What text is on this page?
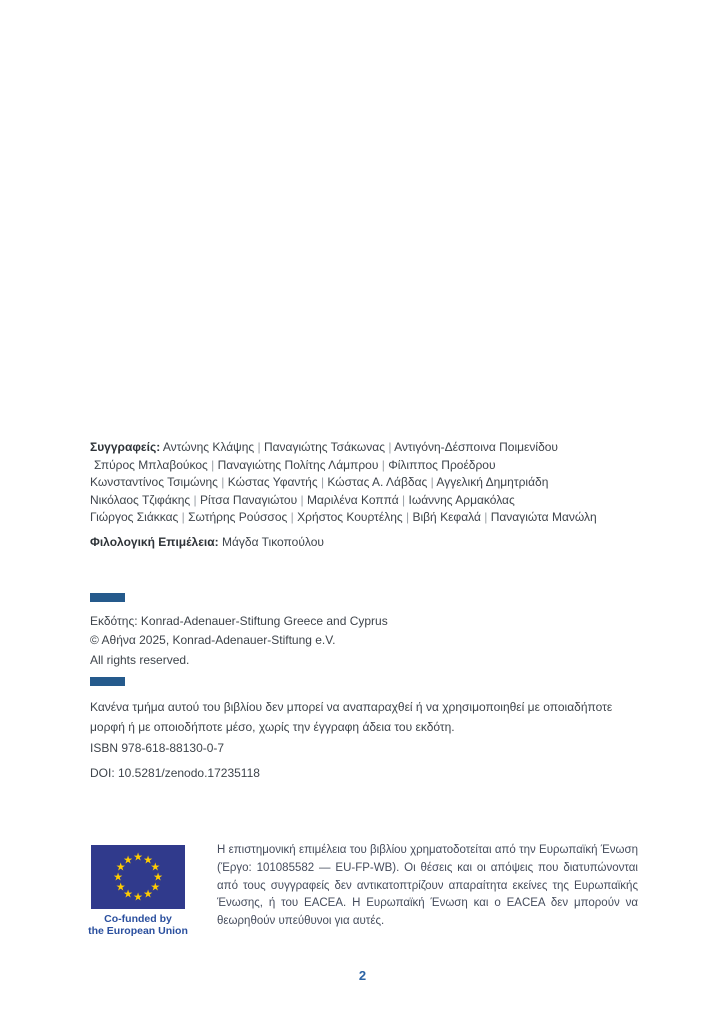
Συγγραφείς: Αντώνης Κλάψης | Παναγιώτης Τσάκωνας | Αντιγόνη-Δέσποινα Ποιμενίδου
Σπύρος Μπλαβούκος | Παναγιώτης Πολίτης Λάμπρου | Φίλιππος Προέδρου
Κωνσταντίνος Τσιμώνης | Κώστας Υφαντής | Κώστας Α. Λάβδας | Αγγελική Δημητριάδη
Νικόλαος Τζιφάκης | Ρίτσα Παναγιώτου | Μαριλένα Κοππά | Ιωάννης Αρμακόλας
Γιώργος Σιάκκας | Σωτήρης Ρούσσος | Χρήστος Κουρτέλης | Βιβή Κεφαλά | Παναγιώτα Μανώλη

Φιλολογική Επιμέλεια: Μάγδα Τικοπούλου

Εκδότης: Konrad-Adenauer-Stiftung Greece and Cyprus
© Αθήνα 2025, Konrad-Adenauer-Stiftung e.V.
All rights reserved.

Κανένα τμήμα αυτού του βιβλίου δεν μπορεί να αναπαραχθεί ή να χρησιμοποιηθεί με οποιαδήποτε μορφή ή με οποιοδήποτε μέσο, χωρίς την έγγραφη άδεια του εκδότη.

ISBN 978-618-88130-0-7

DOI: 10.5281/zenodo.17235118

★ ★
★
★
★
★
★
★
★
★
★
★
Co-funded by
the European Union

Η επιστημονική επιμέλεια του βιβλίου χρηματοδοτείται από την Ευρωπαϊκή Ένωση (Έργο: 101085582 — EU-FP-WB). Οι θέσεις και οι απόψεις που διατυπώνονται από τους συγγραφείς δεν αντικατοπτρίζουν απαραίτητα εκείνες της Ευρωπαϊκής Ένωσης, ή του EACEA. Η Ευρωπαϊκή Ένωση και ο EACEA δεν μπορούν να θεωρηθούν υπεύθυνοι για αυτές.

2
